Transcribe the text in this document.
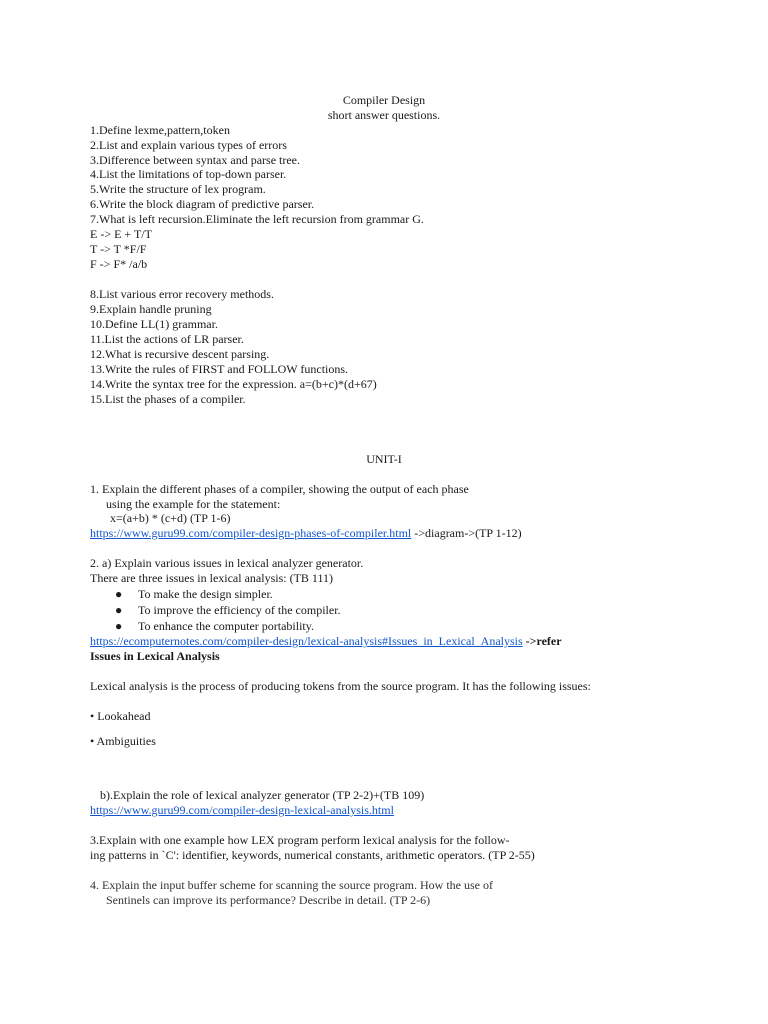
Compiler Design
short answer questions.
1.Define lexme,pattern,token
2.List and explain various types of errors
3.Difference between syntax and parse tree.
4.List the limitations of top-down parser.
5.Write the structure of lex program.
6.Write the block diagram of predictive parser.
7.What is left recursion.Eliminate the left recursion from grammar G.
E -> E + T/T
T -> T *F/F
F -> F* /a/b
8.List various error recovery methods.
9.Explain handle pruning
10.Define LL(1) grammar.
11.List the actions of LR parser.
12.What is recursive descent parsing.
13.Write the rules of FIRST and FOLLOW functions.
14.Write the syntax tree for the expression. a=(b+c)*(d+67)
15.List the phases of a compiler.
UNIT-I
1. Explain the different phases of a compiler, showing the output of each phase
using the example for the statement:
x=(a+b) * (c+d) (TP 1-6)
https://www.guru99.com/compiler-design-phases-of-compiler.html ->diagram->(TP 1-12)
2. a) Explain various issues in lexical analyzer generator.
There are three issues in lexical analysis: (TB 111)
● To make the design simpler.
● To improve the efficiency of the compiler.
● To enhance the computer portability.
https://ecomputernotes.com/compiler-design/lexical-analysis#Issues_in_Lexical_Analysis ->refer
Issues in Lexical Analysis
Lexical analysis is the process of producing tokens from the source program. It has the following issues:
• Lookahead
• Ambiguities
b).Explain the role of lexical analyzer generator (TP 2-2)+(TB 109)
https://www.guru99.com/compiler-design-lexical-analysis.html
3.Explain with one example how LEX program perform lexical analysis for the follow-
ing patterns in `C': identifier, keywords, numerical constants, arithmetic operators. (TP 2-55)
4. Explain the input buffer scheme for scanning the source program. How the use of
Sentinels can improve its performance? Describe in detail. (TP 2-6)
